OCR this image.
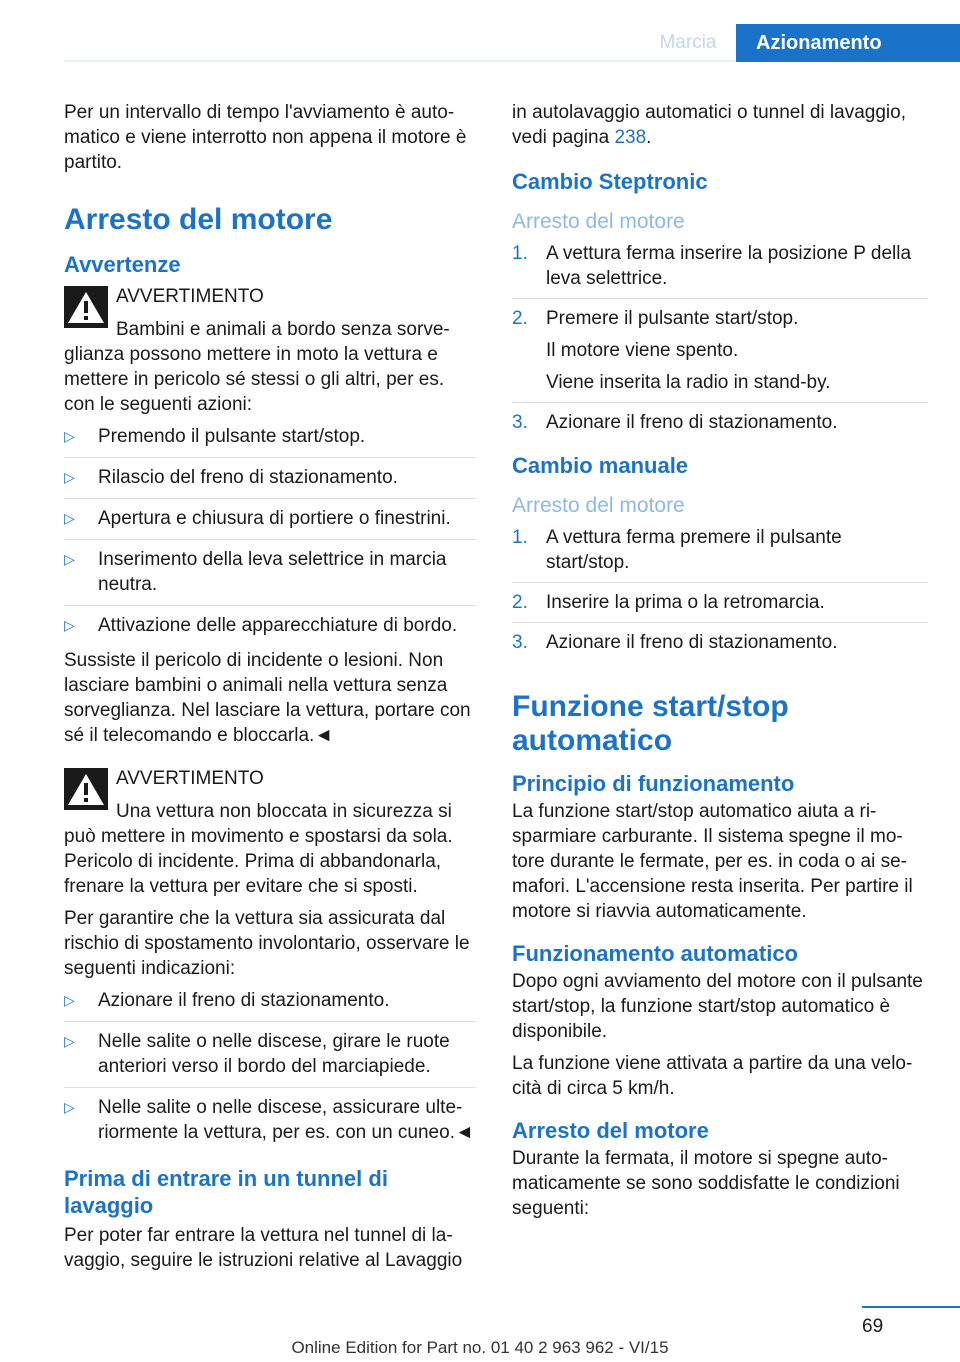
Marcia	Azionamento

Per un intervallo di tempo l'avviamento è automatico e viene interrotto non appena il motore è partito.

Arresto del motore
Avvertenze

AVVERTIMENTO

Bambini e animali a bordo senza sorveglianza possono mettere in moto la vettura e mettere in pericolo sé stessi o gli altri, per es. con le seguenti azioni:

▷ Premendo il pulsante start/stop.
▷ Rilascio del freno di stazionamento.
▷ Apertura e chiusura di portiere o finestrini.
▷ Inserimento della leva selettrice in marcia neutra.
▷ Attivazione delle apparecchiature di bordo.

Sussiste il pericolo di incidente o lesioni. Non lasciare bambini o animali nella vettura senza sorveglianza. Nel lasciare la vettura, portare con sé il telecomando e bloccarla.◄

AVVERTIMENTO

Una vettura non bloccata in sicurezza si può mettere in movimento e spostarsi da sola. Pericolo di incidente. Prima di abbandonarla, frenare la vettura per evitare che si sposti.

Per garantire che la vettura sia assicurata dal rischio di spostamento involontario, osservare le seguenti indicazioni:

▷ Azionare il freno di stazionamento.
▷ Nelle salite o nelle discese, girare le ruote anteriori verso il bordo del marciapiede.
▷ Nelle salite o nelle discese, assicurare ulteriormente la vettura, per es. con un cuneo.◄
Prima di entrare in un tunnel di lavaggio

Per poter far entrare la vettura nel tunnel di lavaggio, seguire le istruzioni relative al Lavaggio

in autolavaggio automatici o tunnel di lavaggio, vedi pagina 238.

Cambio Steptronic
Arresto del motore
1. A vettura ferma inserire la posizione P della leva selettrice.
2. Premere il pulsante start/stop.
Il motore viene spento.
Viene inserita la radio in stand-by.
3. Azionare il freno di stazionamento.
Cambio manuale
Arresto del motore
1. A vettura ferma premere il pulsante start/stop.
2. Inserire la prima o la retromarcia.
3. Azionare il freno di stazionamento.
Funzione start/stop automatico
Principio di funzionamento

La funzione start/stop automatico aiuta a risparmiare carburante. Il sistema spegne il motore durante le fermate, per es. in coda o ai semafori. L'accensione resta inserita. Per partire il motore si riavvia automaticamente.

Funzionamento automatico

Dopo ogni avviamento del motore con il pulsante start/stop, la funzione start/stop automatico è disponibile.

La funzione viene attivata a partire da una velocità di circa 5 km/h.

Arresto del motore

Durante la fermata, il motore si spegne automaticamente se sono soddisfatte le condizioni seguenti:

69
Online Edition for Part no. 01 40 2 963 962 - VI/15
